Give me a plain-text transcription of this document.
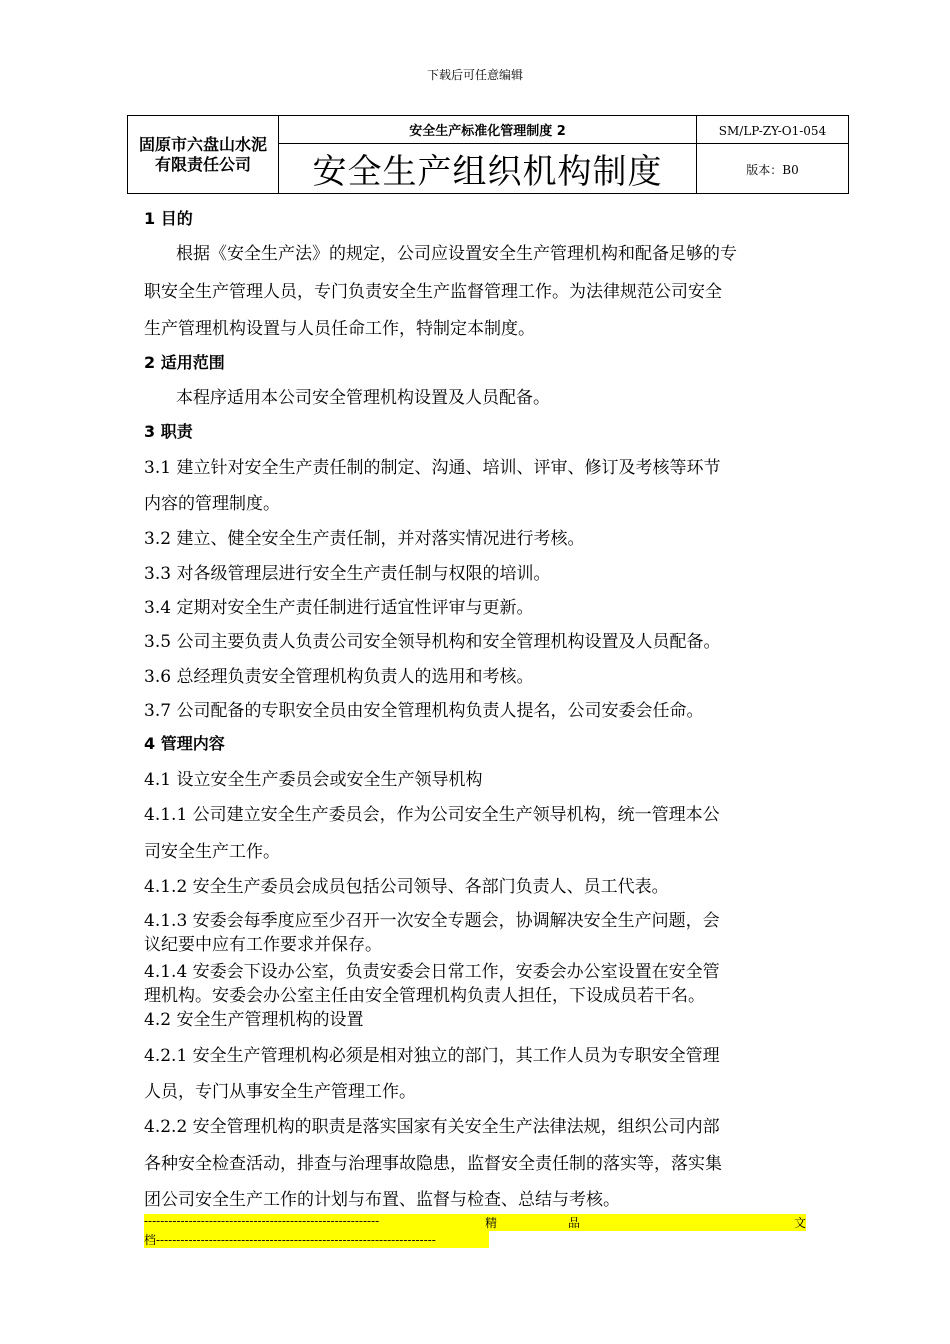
下载后可任意编辑
固原市六盘山水泥有限责任公司	安全生产标准化管理制度 2	SM/LP-ZY-O1-054
	安全生产组织机构制度	版本：B0
1 目的
根据《安全生产法》的规定，公司应设置安全生产管理机构和配备足够的专
职安全生产管理人员，专门负责安全生产监督管理工作。为法律规范公司安全
生产管理机构设置与人员任命工作，特制定本制度。
2 适用范围
本程序适用本公司安全管理机构设置及人员配备。
3 职责
3.1 建立针对安全生产责任制的制定、沟通、培训、评审、修订及考核等环节
内容的管理制度。
3.2 建立、健全安全生产责任制，并对落实情况进行考核。
3.3 对各级管理层进行安全生产责任制与权限的培训。
3.4 定期对安全生产责任制进行适宜性评审与更新。
3.5 公司主要负责人负责公司安全领导机构和安全管理机构设置及人员配备。
3.6 总经理负责安全管理机构负责人的选用和考核。
3.7 公司配备的专职安全员由安全管理机构负责人提名，公司安委会任命。
4 管理内容
4.1 设立安全生产委员会或安全生产领导机构
4.1.1 公司建立安全生产委员会，作为公司安全生产领导机构，统一管理本公
司安全生产工作。
4.1.2 安全生产委员会成员包括公司领导、各部门负责人、员工代表。
4.1.3 安委会每季度应至少召开一次安全专题会，协调解决安全生产问题，会
议纪要中应有工作要求并保存。
4.1.4 安委会下设办公室，负责安委会日常工作，安委会办公室设置在安全管
理机构。安委会办公室主任由安全管理机构负责人担任，下设成员若干名。
4.2 安全生产管理机构的设置
4.2.1 安全生产管理机构必须是相对独立的部门，其工作人员为专职安全管理
人员，专门从事安全生产管理工作。
4.2.2 安全管理机构的职责是落实国家有关安全生产法律法规，组织公司内部
各种安全检查活动，排查与治理事故隐患，监督安全责任制的落实等，落实集
团公司安全生产工作的计划与布置、监督与检查、总结与考核。
----------------------------------------------------------	精	品	文
档---------------------------------------------------------------------
